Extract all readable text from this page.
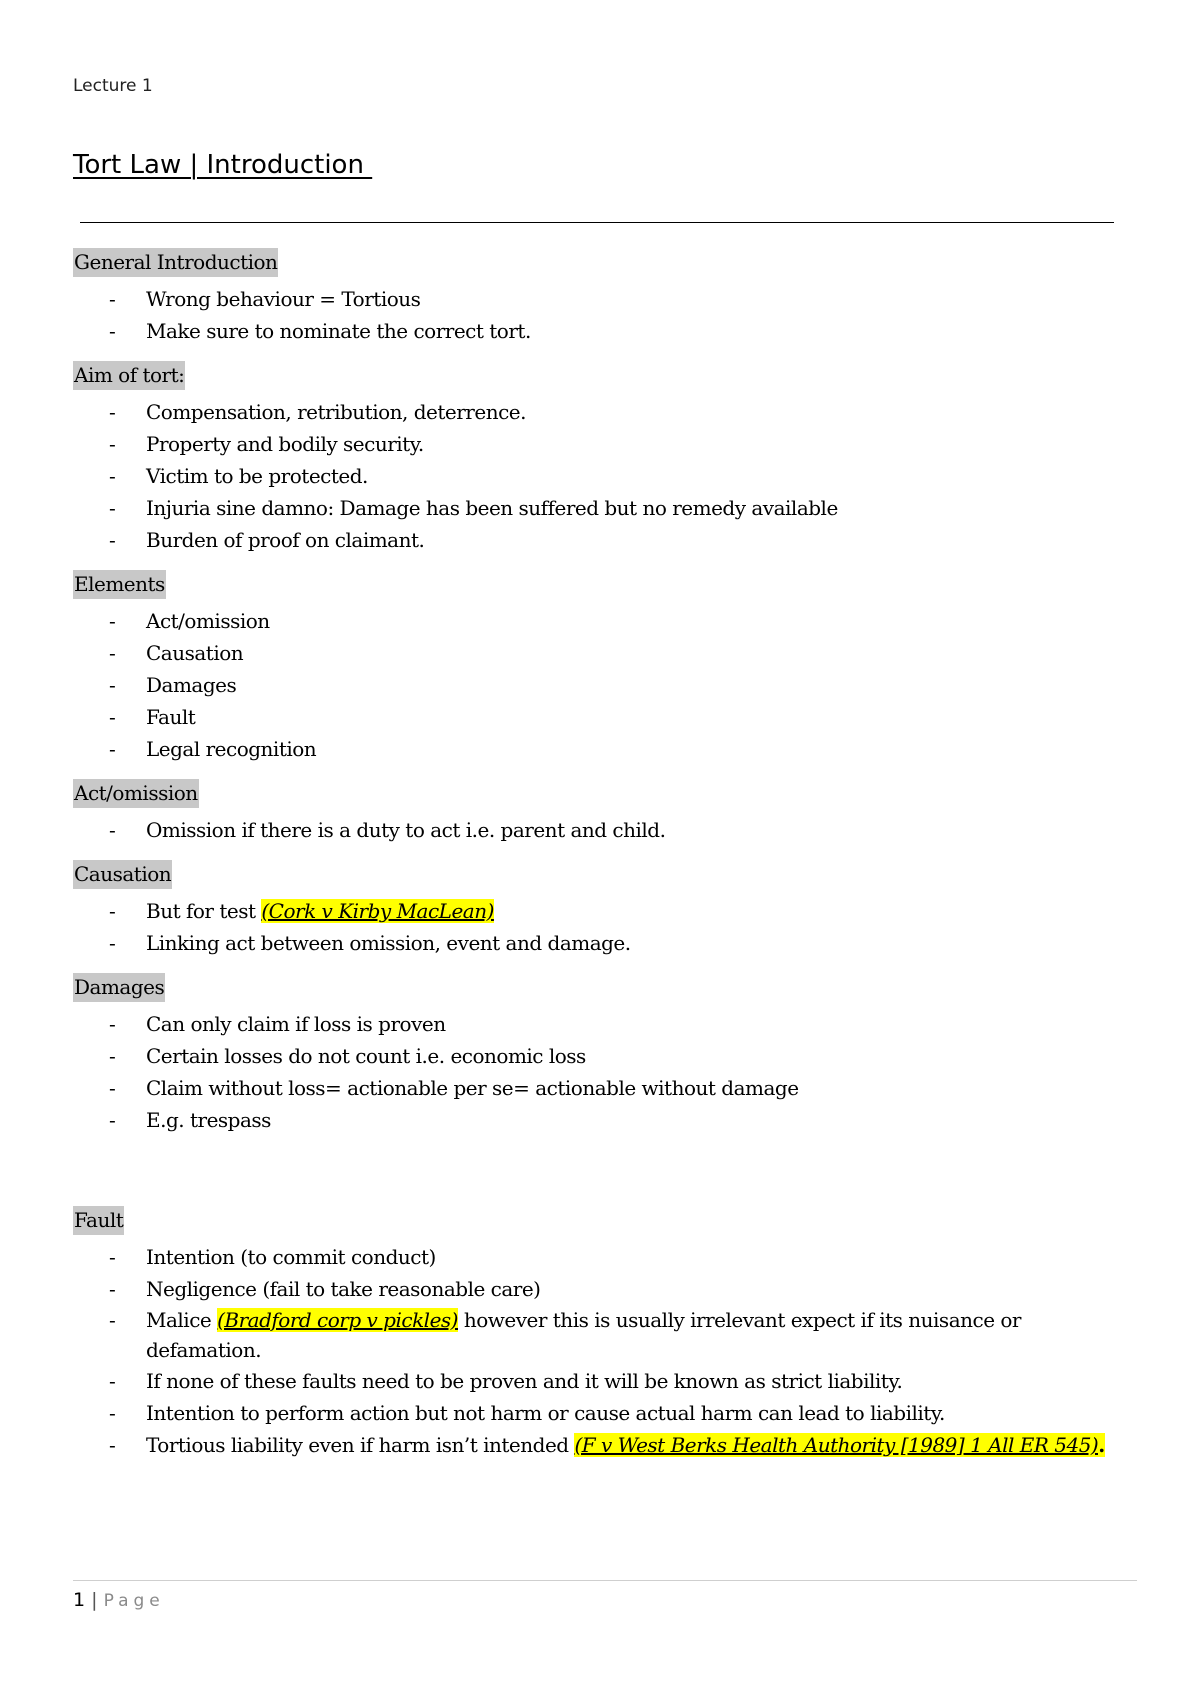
Lecture 1
Tort Law | Introduction
General Introduction
- Wrong behaviour = Tortious
- Make sure to nominate the correct tort.
Aim of tort:
- Compensation, retribution, deterrence.
- Property and bodily security.
- Victim to be protected.
- Injuria sine damno: Damage has been suffered but no remedy available
- Burden of proof on claimant.
Elements
- Act/omission
- Causation
- Damages
- Fault
- Legal recognition
Act/omission
- Omission if there is a duty to act i.e. parent and child.
Causation
- But for test (Cork v Kirby MacLean)
- Linking act between omission, event and damage.
Damages
- Can only claim if loss is proven
- Certain losses do not count i.e. economic loss
- Claim without loss= actionable per se= actionable without damage
- E.g. trespass
Fault
- Intention (to commit conduct)
- Negligence (fail to take reasonable care)
- Malice (Bradford corp v pickles) however this is usually irrelevant expect if its nuisance or defamation.
- If none of these faults need to be proven and it will be known as strict liability.
- Intention to perform action but not harm or cause actual harm can lead to liability.
- Tortious liability even if harm isn’t intended (F v West Berks Health Authority [1989] 1 All ER 545).
1 | Page
